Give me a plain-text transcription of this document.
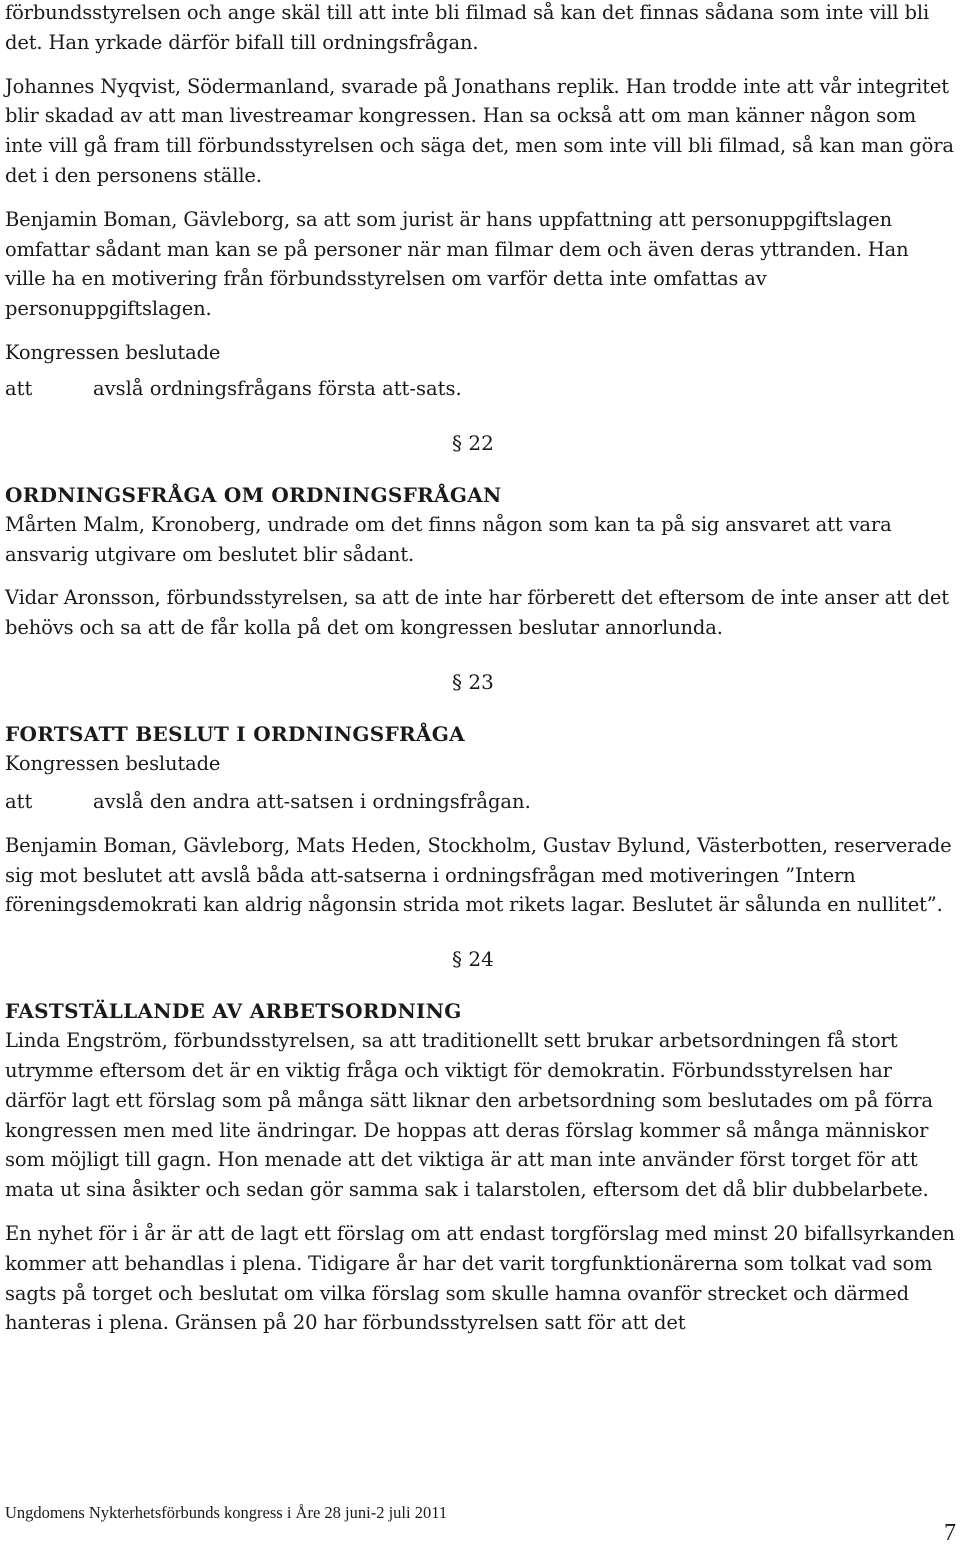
förbundsstyrelsen och ange skäl till att inte bli filmad så kan det finnas sådana som inte vill bli det. Han yrkade därför bifall till ordningsfrågan.

Johannes Nyqvist, Södermanland, svarade på Jonathans replik. Han trodde inte att vår integritet blir skadad av att man livestreamar kongressen. Han sa också att om man känner någon som inte vill gå fram till förbundsstyrelsen och säga det, men som inte vill bli filmad, så kan man göra det i den personens ställe.

Benjamin Boman, Gävleborg, sa att som jurist är hans uppfattning att personuppgiftslagen omfattar sådant man kan se på personer när man filmar dem och även deras yttranden. Han ville ha en motivering från förbundsstyrelsen om varför detta inte omfattas av personuppgiftslagen.

Kongressen beslutade

att	avslå ordningsfrågans första att-sats.

§ 22

ORDNINGSFRÅGA OM ORDNINGSFRÅGAN

Mårten Malm, Kronoberg, undrade om det finns någon som kan ta på sig ansvaret att vara ansvarig utgivare om beslutet blir sådant.

Vidar Aronsson, förbundsstyrelsen, sa att de inte har förberett det eftersom de inte anser att det behövs och sa att de får kolla på det om kongressen beslutar annorlunda.

§ 23

FORTSATT BESLUT I ORDNINGSFRÅGA

Kongressen beslutade

att	avslå den andra att-satsen i ordningsfrågan.

Benjamin Boman, Gävleborg, Mats Heden, Stockholm, Gustav Bylund, Västerbotten, reserverade sig mot beslutet att avslå båda att-satserna i ordningsfrågan med motiveringen ”Intern föreningsdemokrati kan aldrig någonsin strida mot rikets lagar. Beslutet är sålunda en nullitet”.

§ 24

FASTSTÄLLANDE AV ARBETSORDNING

Linda Engström, förbundsstyrelsen, sa att traditionellt sett brukar arbetsordningen få stort utrymme eftersom det är en viktig fråga och viktigt för demokratin. Förbundsstyrelsen har därför lagt ett förslag som på många sätt liknar den arbetsordning som beslutades om på förra kongressen men med lite ändringar. De hoppas att deras förslag kommer så många människor som möjligt till gagn. Hon menade att det viktiga är att man inte använder först torget för att mata ut sina åsikter och sedan gör samma sak i talarstolen, eftersom det då blir dubbelarbete.

En nyhet för i år är att de lagt ett förslag om att endast torgförslag med minst 20 bifallsyrkanden kommer att behandlas i plena. Tidigare år har det varit torgfunktionärerna som tolkat vad som sagts på torget och beslutat om vilka förslag som skulle hamna ovanför strecket och därmed hanteras i plena. Gränsen på 20 har förbundsstyrelsen satt för att det

Ungdomens Nykterhetsförbunds kongress i Åre 28 juni-2 juli 2011
7
